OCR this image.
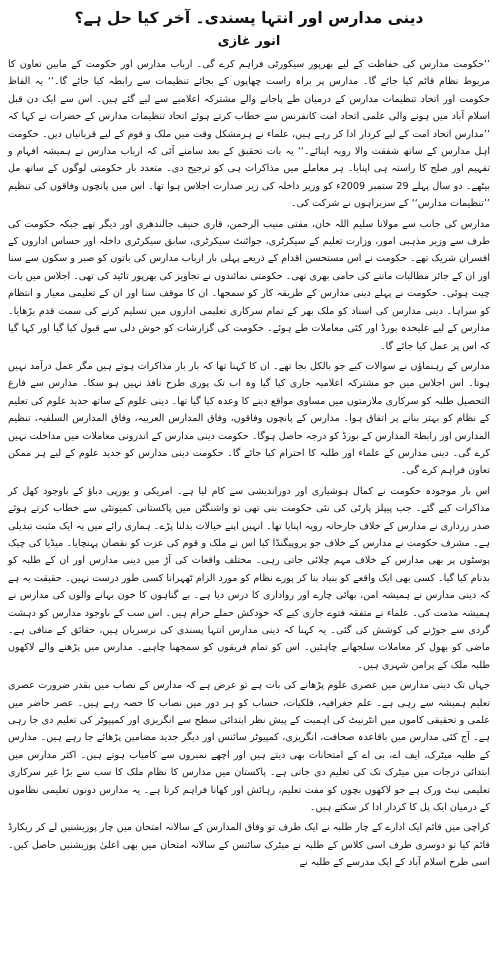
دینی مدارس اور انتہا پسندی۔ آخر کیا حل ہے؟
انور غازی

’’حکومت مدارس کی حفاظت کے لیے بھرپور سیکورٹی فراہم کرے گی۔ ارباب مدارس اور حکومت کے مابین تعاون کا مربوط نظام قائم کیا جائے گا۔ مدارس پر براہ راست چھاپوں کے بجائے تنظیمات سے رابطہ کیا جائے گا۔‘‘ یہ الفاظ حکومت اور اتحاد تنظیمات مدارس کے درمیان طے پاجانے والے مشترکہ اعلامیے سے لیے گئے ہیں۔ اس سے ایک دن قبل اسلام آباد میں ہونے والی علمی اتحاد امت کانفرنس سے خطاب کرتے ہوئے اتحاد تنظیمات مدارس کے حضرات نے کہا کہ ’’مدارس اتحاد امت کے لیے کردار ادا کر رہے ہیں، علماء نے ہرمشکل وقت میں ملک و قوم کے لیے قربانیاں دیں۔ حکومت اہل مدارس کے ساتھ شفقت والا رویہ اپنائے۔‘‘ یہ بات تحقیق کے بعد سامنے آئی کہ ارباب مدارس نے ہمیشہ افہام و تفہیم اور صلح کا راستہ ہی اپنایا۔ ہر معاملے میں مذاکرات ہی کو ترجیح دی۔ متعدد بار حکومتی لوگوں کے ساتھ مل بیٹھے۔ دو سال پہلے 29 ستمبر 2009ء کو وزیر داخلہ کی زیر صدارت اجلاس ہوا تھا۔ اس میں پانچوں وفاقوں کی تنظیم ’’تنظیمات مدارس‘‘ کے سربراہوں نے شرکت کی۔

مدارس کی جانب سے مولانا سلیم اللہ خان، مفتی منیب الرحمن، قاری حنیف جالندھری اور دیگر تھے جبکہ حکومت کی طرف سے وزیر مذہبی امور، وزارت تعلیم کے سیکرٹری، جوائنٹ سیکرٹری، سابق سیکرٹری داخلہ اور حساس اداروں کے افسران شریک تھے۔ حکومت نے اس مستحسن اقدام کے ذریعے پہلی بار ارباب مدارس کی باتوں کو صبر و سکون سے سنا اور ان کے جائز مطالبات ماننے کی حامی بھری تھی۔ حکومتی نمائندوں نے تجاویز کی بھرپور تائید کی تھی۔ اجلاس میں بات چیت ہوئی۔ حکومت نے پہلے دینی مدارس کے طریقہ کار کو سمجھا۔ ان کا موقف سنا اور ان کے تعلیمی معیار و انتظام کو سراہا۔ دینی مدارس کی اسناد کو ملک بھر کے تمام سرکاری تعلیمی اداروں میں تسلیم کرنے کی سمت قدم بڑھایا۔ مدارس کے لیے علیحدہ بورڈ اور کئی معاملات طے ہوئے۔ حکومت کی گزارشات کو خوش دلی سے قبول کیا گیا اور کہا گیا کہ اس پر عمل کیا جائے گا۔

مدارس کے رہنماؤں نے سوالات کیے جو بالکل بجا تھے۔ ان کا کہنا تھا کہ بار بار مذاکرات ہوتے ہیں مگر عمل درآمد نہیں ہوتا۔ اس اجلاس میں جو مشترکہ اعلامیہ جاری کیا گیا وہ اب تک پوری طرح نافذ نہیں ہو سکا۔ مدارس سے فارغ التحصیل طلبہ کو سرکاری ملازمتوں میں مساوی مواقع دینے کا وعدہ کیا گیا تھا۔ دینی علوم کے ساتھ جدید علوم کی تعلیم کے نظام کو بہتر بنانے پر اتفاق ہوا۔ مدارس کے پانچوں وفاقوں، وفاق المدارس العربیہ، وفاق المدارس السلفیہ، تنظیم المدارس اور رابطۃ المدارس کے بورڈ کو درجہ حاصل ہوگا۔ حکومت دینی مدارس کے اندرونی معاملات میں مداخلت نہیں کرے گی۔ دینی مدارس کے علماء اور طلبہ کا احترام کیا جائے گا۔ حکومت دینی مدارس کو جدید علوم کے لیے ہر ممکن تعاون فراہم کرے گی۔

اس بار موجودہ حکومت نے کمال ہوشیاری اور دوراندیشی سے کام لیا ہے۔ امریکی و یورپی دباؤ کے باوجود کھل کر مذاکرات کیے گئے۔ جب پیپلز پارٹی کی نئی حکومت بنی تھی تو واشنگٹن میں پاکستانی کمیونٹی سے خطاب کرتے ہوئے صدر زرداری نے مدارس کے خلاف جارحانہ رویہ اپنایا تھا۔ انہیں اپنے خیالات بدلنا پڑے۔ ہماری رائے میں یہ ایک مثبت تبدیلی ہے۔ مشرف حکومت نے مدارس کے خلاف جو پروپیگنڈا کیا اس نے ملک و قوم کی عزت کو نقصان پہنچایا۔ میڈیا کی چیک پوسٹوں پر بھی مدارس کے خلاف مہم چلائی جاتی رہی۔ مختلف واقعات کی آڑ میں دینی مدارس اور ان کے طلبہ کو بدنام کیا گیا۔ کسی بھی ایک واقعے کو بنیاد بنا کر پورے نظام کو مورد الزام ٹھہرانا کسی طور درست نہیں۔ حقیقت یہ ہے کہ دینی مدارس نے ہمیشہ امن، بھائی چارے اور رواداری کا درس دیا ہے۔ بے گناہوں کا خون بہانے والوں کی مدارس نے ہمیشہ مذمت کی۔ علماء نے متفقہ فتوے جاری کیے کہ خودکش حملے حرام ہیں۔ اس سب کے باوجود مدارس کو دہشت گردی سے جوڑنے کی کوشش کی گئی۔ یہ کہنا کہ دینی مدارس انتہا پسندی کی نرسریاں ہیں، حقائق کے منافی ہے۔ ماضی کو بھول کر معاملات سلجھانے چاہئیں۔ اس کو تمام فریقوں کو سمجھنا چاہیے۔ مدارس میں پڑھنے والے لاکھوں طلبہ ملک کے پرامن شہری ہیں۔

جہاں تک دینی مدارس میں عصری علوم پڑھانے کی بات ہے تو عرض ہے کہ مدارس کے نصاب میں بقدر ضرورت عصری تعلیم ہمیشہ سے رہی ہے۔ علم جغرافیہ، فلکیات، حساب کو ہر دور میں نصاب کا حصہ رہے ہیں۔ عصر حاضر میں علمی و تحقیقی کاموں میں انٹرنیٹ کی اہمیت کے پیش نظر ابتدائی سطح سے انگریزی اور کمپیوٹر کی تعلیم دی جا رہی ہے۔ آج کئی مدارس میں باقاعدہ صحافت، انگریزی، کمپیوٹر سائنس اور دیگر جدید مضامین پڑھائے جا رہے ہیں۔ مدارس کے طلبہ میٹرک، ایف اے، بی اے کے امتحانات بھی دیتے ہیں اور اچھے نمبروں سے کامیاب ہوتے ہیں۔ اکثر مدارس میں ابتدائی درجات میں میٹرک تک کی تعلیم دی جاتی ہے۔ پاکستان میں مدارس کا نظام ملک کا سب سے بڑا غیر سرکاری تعلیمی نیٹ ورک ہے جو لاکھوں بچوں کو مفت تعلیم، رہائش اور کھانا فراہم کرتا ہے۔ یہ مدارس دونوں تعلیمی نظاموں کے درمیان ایک پل کا کردار ادا کر سکتے ہیں۔

کراچی میں قائم ایک ادارے کے چار طلبہ نے ایک طرف تو وفاق المدارس کے سالانہ امتحان میں چار پوزیشنیں لے کر ریکارڈ قائم کیا تو دوسری طرف اسی کلاس کے طلبہ نے میٹرک سائنس کے سالانہ امتحان میں بھی اعلیٰ پوزیشنیں حاصل کیں۔ اسی طرح اسلام آباد کے ایک مدرسے کے طلبہ نے
